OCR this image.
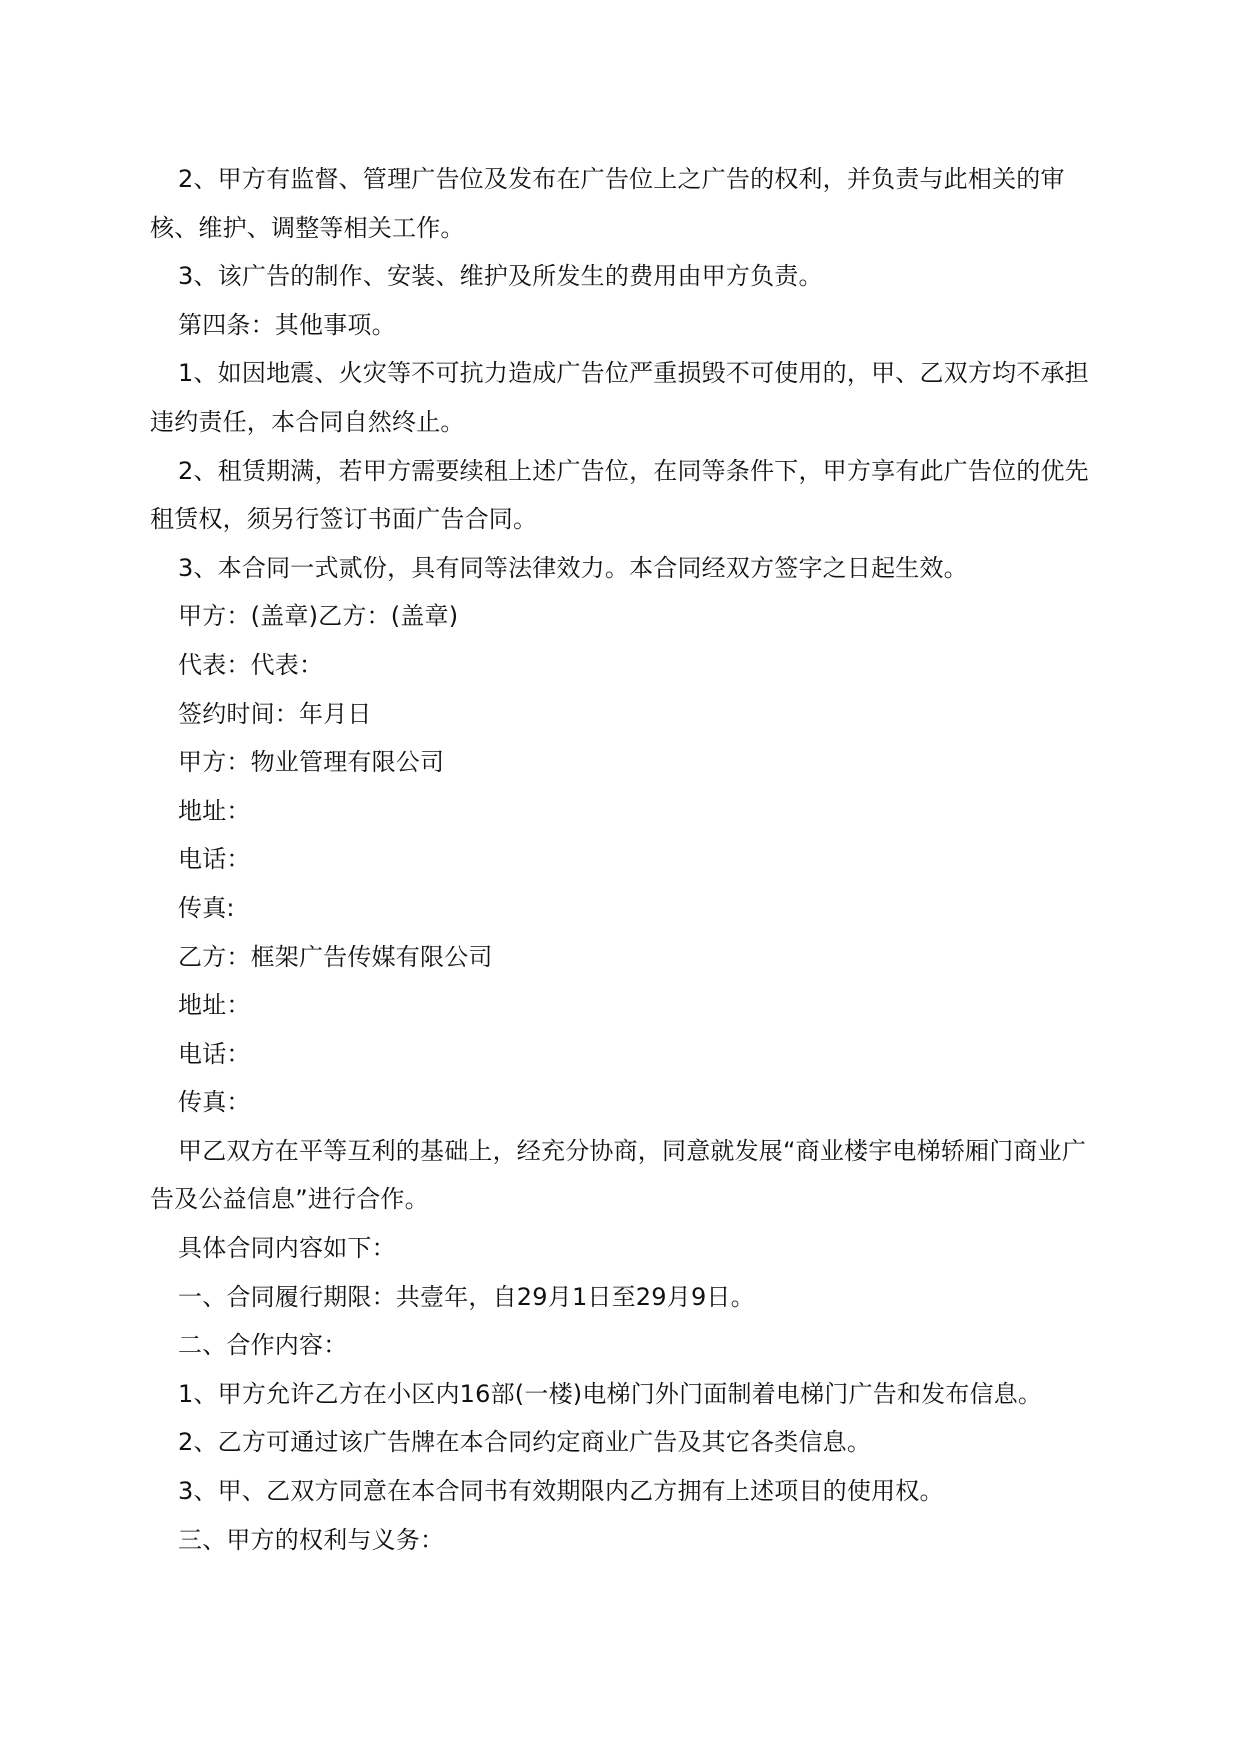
2、甲方有监督、管理广告位及发布在广告位上之广告的权利，并负责与此相关的审核、维护、调整等相关工作。

3、该广告的制作、安装、维护及所发生的费用由甲方负责。

第四条：其他事项。

1、如因地震、火灾等不可抗力造成广告位严重损毁不可使用的，甲、乙双方均不承担违约责任，本合同自然终止。

2、租赁期满，若甲方需要续租上述广告位，在同等条件下，甲方享有此广告位的优先租赁权，须另行签订书面广告合同。

3、本合同一式贰份，具有同等法律效力。本合同经双方签字之日起生效。

甲方：(盖章)乙方：(盖章)

代表：代表：

签约时间：年月日

甲方：物业管理有限公司

地址：

电话：

传真:

乙方：框架广告传媒有限公司

地址：

电话：

传真：

甲乙双方在平等互利的基础上，经充分协商，同意就发展“商业楼宇电梯轿厢门商业广告及公益信息”进行合作。

具体合同内容如下：

一、合同履行期限：共壹年，自29月1日至29月9日。

二、合作内容：

1、甲方允许乙方在小区内16部(一楼)电梯门外门面制着电梯门广告和发布信息。

2、乙方可通过该广告牌在本合同约定商业广告及其它各类信息。

3、甲、乙双方同意在本合同书有效期限内乙方拥有上述项目的使用权。

三、甲方的权利与义务：
